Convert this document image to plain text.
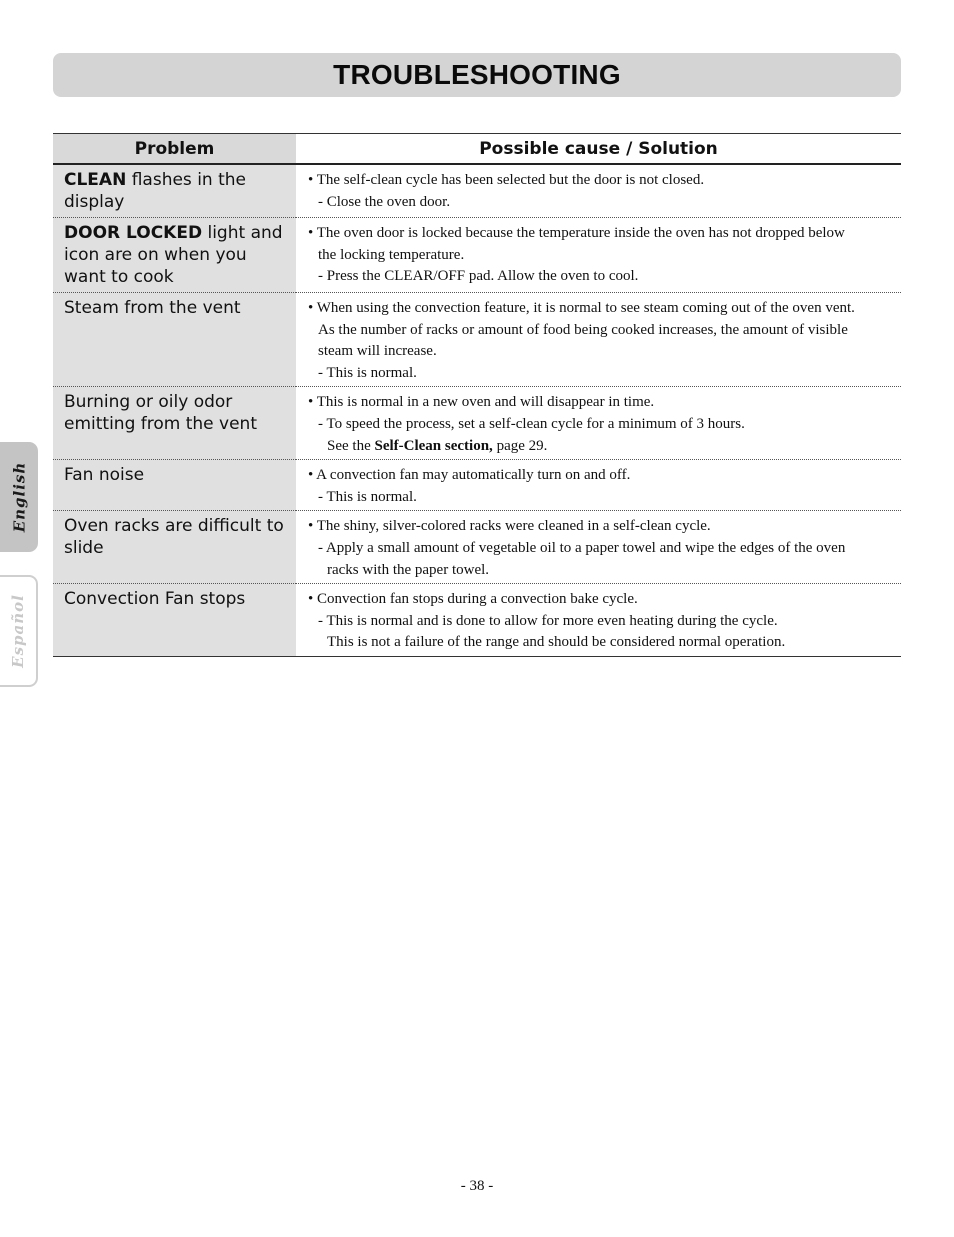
TROUBLESHOOTING
Problem	Possible cause / Solution
CLEAN flashes in the display	• The self-clean cycle has been selected but the door is not closed.
- Close the oven door.

DOOR LOCKED light and icon are on when you want to cook	• The oven door is locked because the temperature inside the oven has not dropped below
the locking temperature.
- Press the CLEAR/OFF pad. Allow the oven to cool.

Steam from the vent	• When using the convection feature, it is normal to see steam coming out of the oven vent.
As the number of racks or amount of food being cooked increases, the amount of visible
steam will increase.
- This is normal.

Burning or oily odor emitting from the vent	• This is normal in a new oven and will disappear in time.
- To speed the process, set a self-clean cycle for a minimum of 3 hours.
See the Self-Clean section, page 29.

Fan noise	• A convection fan may automatically turn on and off.
- This is normal.

Oven racks are difficult to slide	• The shiny, silver-colored racks were cleaned in a self-clean cycle.
- Apply a small amount of vegetable oil to a paper towel and wipe the edges of the oven
racks with the paper towel.

Convection Fan stops	• Convection fan stops during a convection bake cycle.
- This is normal and is done to allow for more even heating during the cycle.
This is not a failure of the range and should be considered normal operation.
English
Español
- 38 -
